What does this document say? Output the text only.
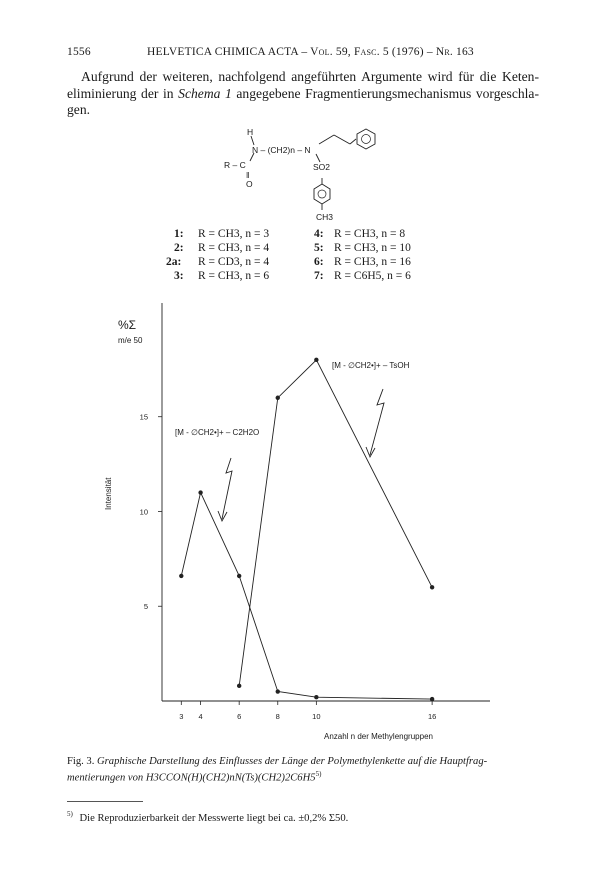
1556	HELVETICA CHIMICA ACTA – Vol. 59, Fasc. 5 (1976) – Nr. 163
Aufgrund der weiteren, nachfolgend angeführten Argumente wird für die Keten-eliminierung der in Schema 1 angegebene Fragmentierungsmechanismus vorgeschla-gen.
H
N – (CH2)n – N
R – C
‖
O
SO2
CH3
1: R = CH3, n = 3
2: R = CH3, n = 4
2a: R = CD3, n = 4
3: R = CH3, n = 6
4: R = CH3, n = 8
5: R = CH3, n = 10
6: R = CH3, n = 16
7: R = C6H5, n = 6
3 4	6	8	10	16
5
10
15
%Σ
m/e 50
Intensität
Anzahl n der Methylengruppen
[M - ∅CH2•]+ – C2H2O
[M - ∅CH2•]+ – TsOH
Fig. 3. Graphische Darstellung des Einflusses der Länge der Polymethylenkette auf die Hauptfrag-mentierungen von H3CCON(H)(CH2)nN(Ts)(CH2)2C6H5$^{5)}$
$^{5)}$ Die Reproduzierbarkeit der Messwerte liegt bei ca. ±0,2% Σ50.
